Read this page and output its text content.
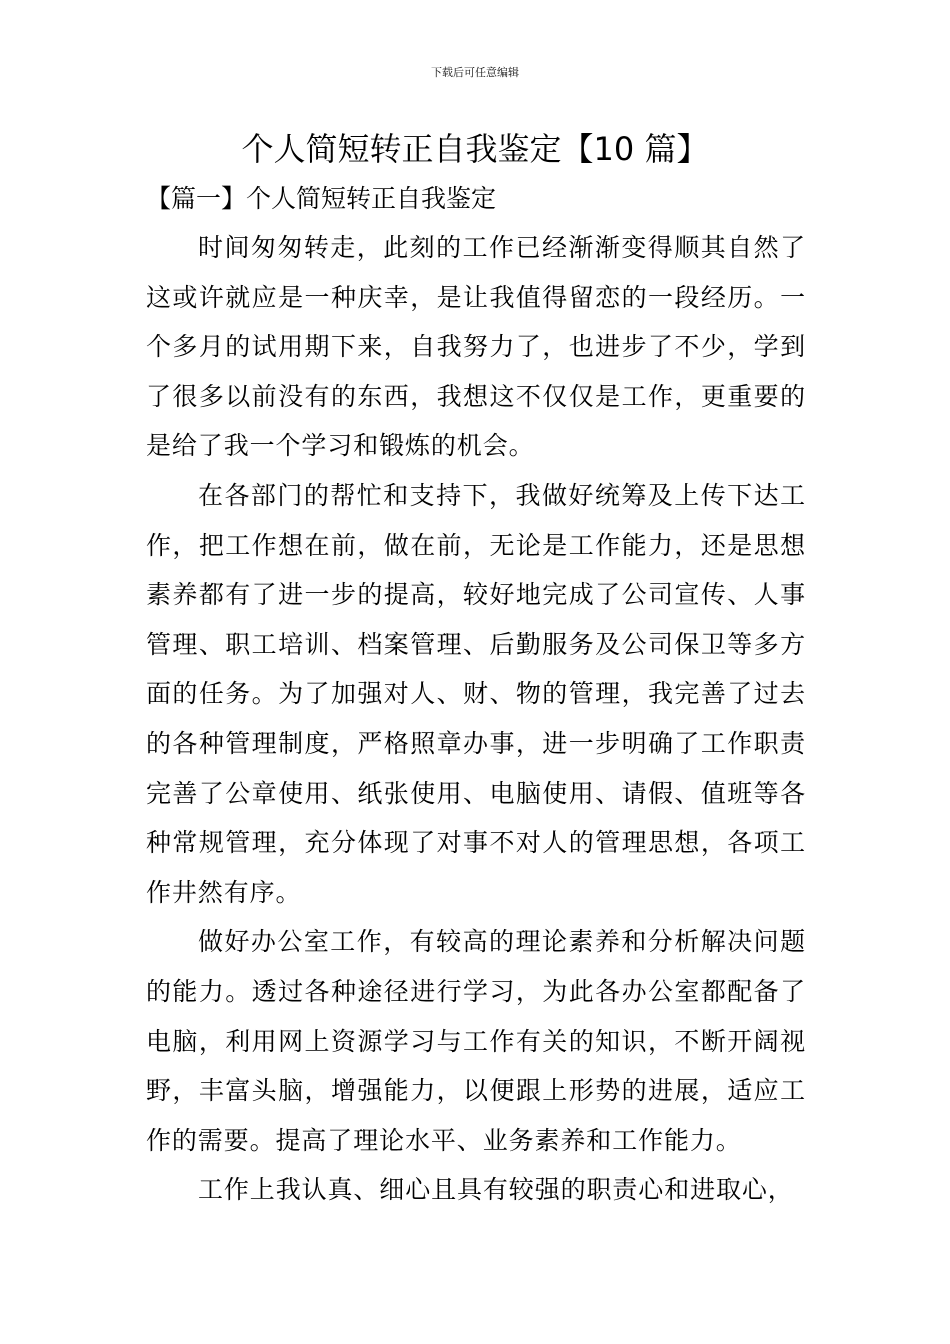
下载后可任意编辑
个人简短转正自我鉴定【10 篇】
【篇一】个人简短转正自我鉴定

时间匆匆转走，此刻的工作已经渐渐变得顺其自然了这或许就应是一种庆幸，是让我值得留恋的一段经历。一个多月的试用期下来，自我努力了，也进步了不少，学到了很多以前没有的东西，我想这不仅仅是工作，更重要的是给了我一个学习和锻炼的机会。

在各部门的帮忙和支持下，我做好统筹及上传下达工作，把工作想在前，做在前，无论是工作能力，还是思想素养都有了进一步的提高，较好地完成了公司宣传、人事管理、职工培训、档案管理、后勤服务及公司保卫等多方面的任务。为了加强对人、财、物的管理，我完善了过去的各种管理制度，严格照章办事，进一步明确了工作职责完善了公章使用、纸张使用、电脑使用、请假、值班等各种常规管理，充分体现了对事不对人的管理思想，各项工作井然有序。

做好办公室工作，有较高的理论素养和分析解决问题的能力。透过各种途径进行学习，为此各办公室都配备了电脑，利用网上资源学习与工作有关的知识，不断开阔视野，丰富头脑，增强能力，以便跟上形势的进展，适应工作的需要。提高了理论水平、业务素养和工作能力。

工作上我认真、细心且具有较强的职责心和进取心，
